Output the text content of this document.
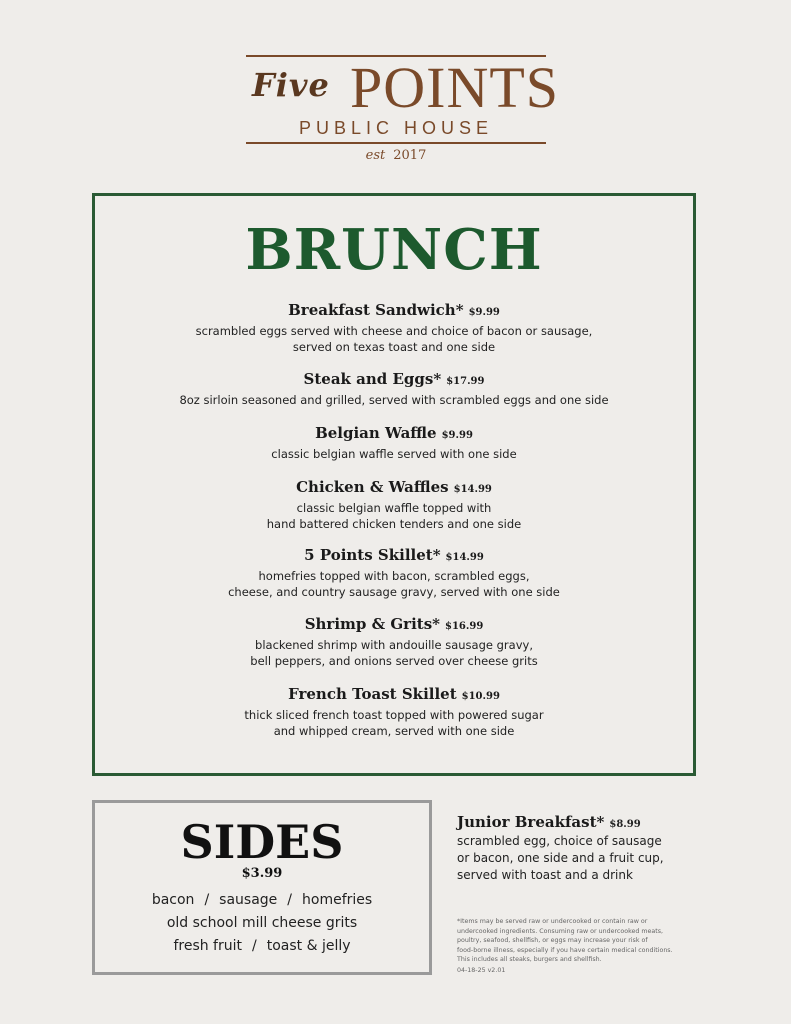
Five POINTS
PUBLIC HOUSE
est 2017
BRUNCH
Breakfast Sandwich* $9.99
scrambled eggs served with cheese and choice of bacon or sausage,
served on texas toast and one side
Steak and Eggs* $17.99
8oz sirloin seasoned and grilled, served with scrambled eggs and one side
Belgian Waffle $9.99
classic belgian waffle served with one side
Chicken & Waffles $14.99
classic belgian waffle topped with
hand battered chicken tenders and one side
5 Points Skillet* $14.99
homefries topped with bacon, scrambled eggs,
cheese, and country sausage gravy, served with one side
Shrimp & Grits* $16.99
blackened shrimp with andouille sausage gravy,
bell peppers, and onions served over cheese grits
French Toast Skillet $10.99
thick sliced french toast topped with powered sugar
and whipped cream, served with one side
SIDES
$3.99
bacon / sausage / homefries
old school mill cheese grits
fresh fruit / toast & jelly
Junior Breakfast* $8.99
scrambled egg, choice of sausage
or bacon, one side and a fruit cup,
served with toast and a drink
*Items may be served raw or undercooked or contain raw or
undercooked ingredients. Consuming raw or undercooked meats,
poultry, seafood, shellfish, or eggs may increase your risk of
food-borne illness, especially if you have certain medical conditions.
This includes all steaks, burgers and shellfish.
04-18-25 v2.01
